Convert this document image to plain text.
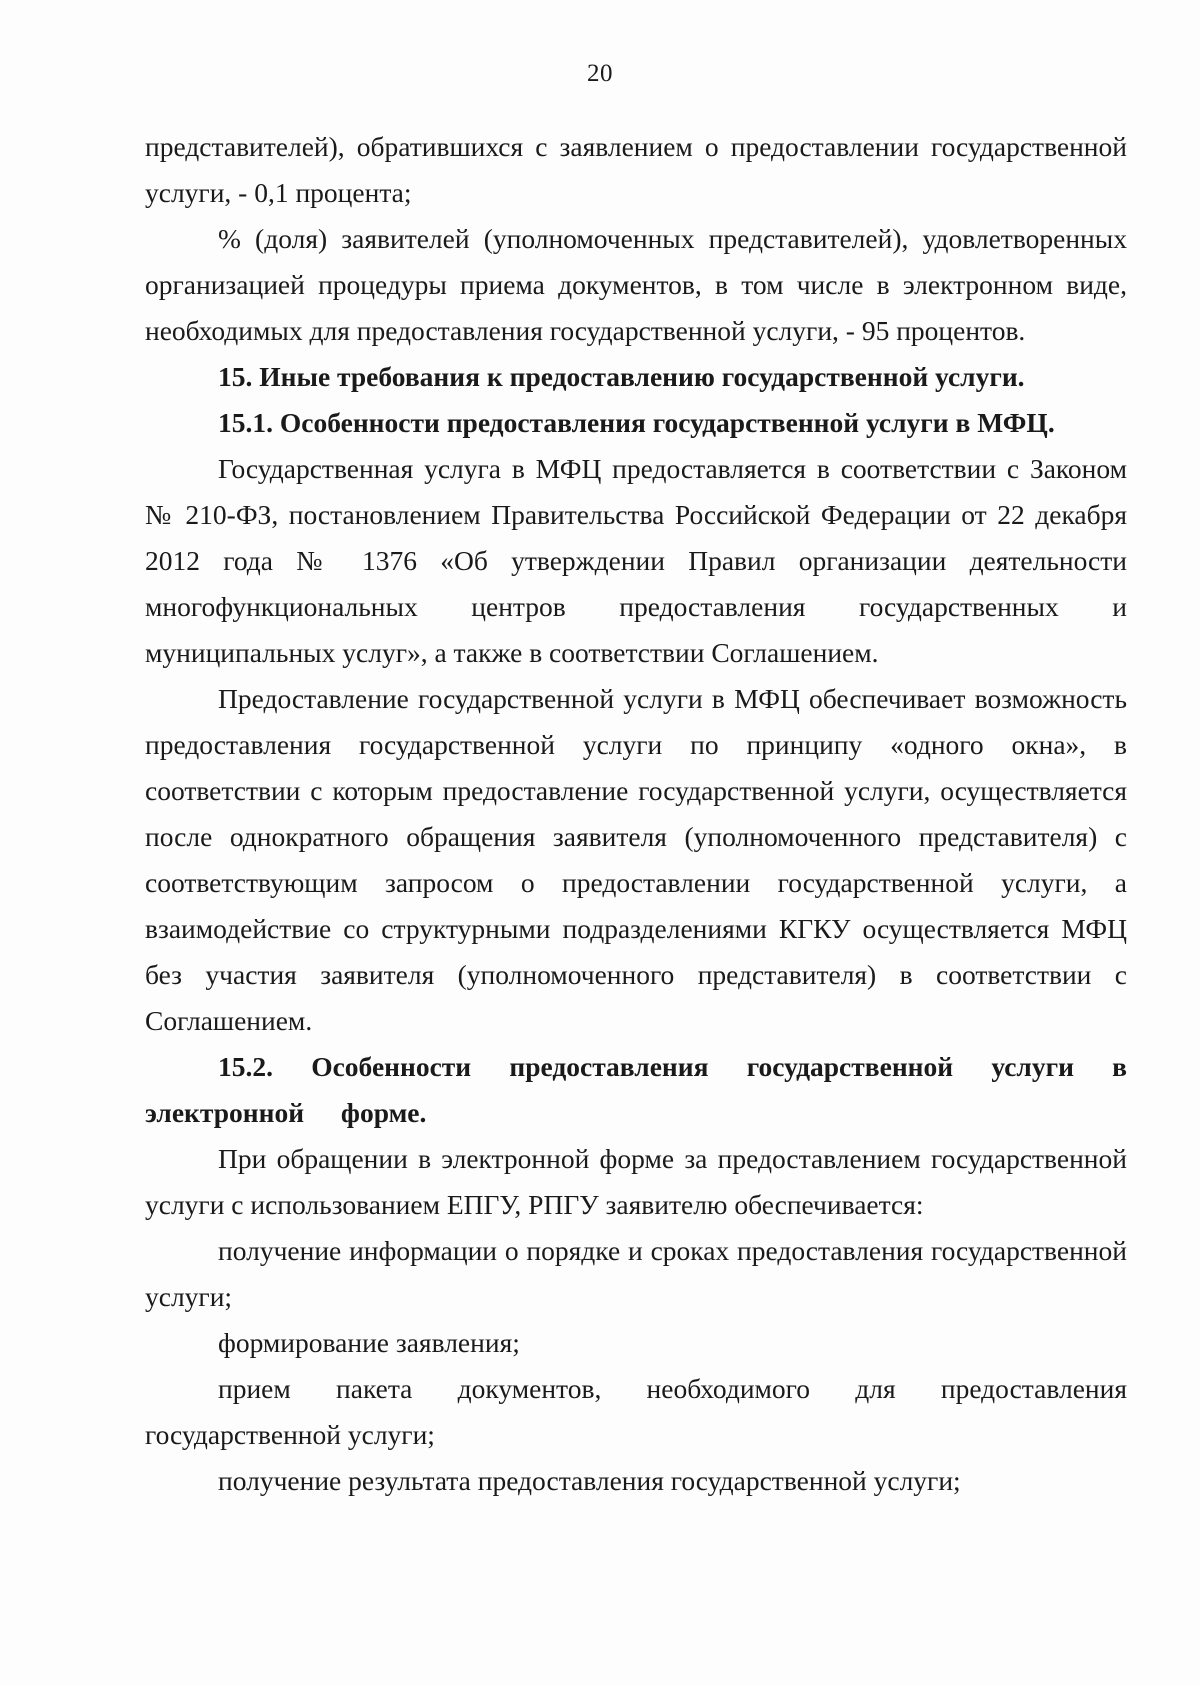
20

представителей), обратившихся с заявлением о предоставлении государственной услуги, - 0,1 процента;

% (доля) заявителей (уполномоченных представителей), удовлетворенных организацией процедуры приема документов, в том числе в электронном виде, необходимых для предоставления государственной услуги, - 95 процентов.

15. Иные требования к предоставлению государственной услуги.

15.1. Особенности предоставления государственной услуги в МФЦ.

Государственная услуга в МФЦ предоставляется в соответствии с Законом № 210-ФЗ, постановлением Правительства Российской Федерации от 22 декабря 2012 года № 1376 «Об утверждении Правил организации деятельности многофункциональных центров предоставления государственных и муниципальных услуг», а также в соответствии Соглашением.

Предоставление государственной услуги в МФЦ обеспечивает возможность предоставления государственной услуги по принципу «одного окна», в соответствии с которым предоставление государственной услуги, осуществляется после однократного обращения заявителя (уполномоченного представителя) с соответствующим запросом о предоставлении государственной услуги, а взаимодействие со структурными подразделениями КГКУ осуществляется МФЦ без участия заявителя (уполномоченного представителя) в соответствии с Соглашением.

15.2. Особенности предоставления государственной услуги в электронной форме.

При обращении в электронной форме за предоставлением государственной услуги с использованием ЕПГУ, РПГУ заявителю обеспечивается:

получение информации о порядке и сроках предоставления государственной услуги;

формирование заявления;

прием пакета документов, необходимого для предоставления государственной услуги;

получение результата предоставления государственной услуги;
